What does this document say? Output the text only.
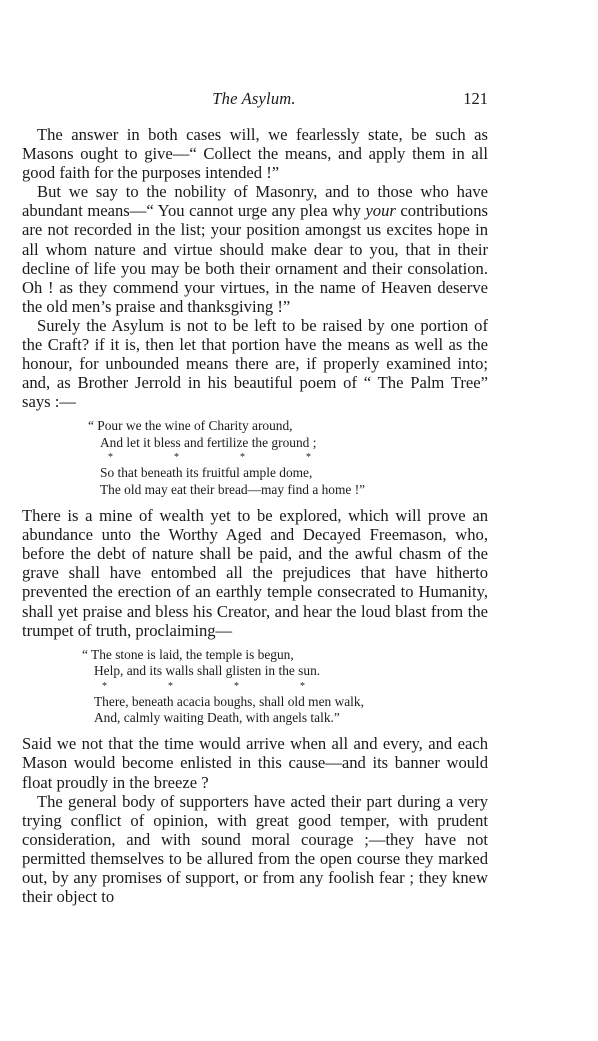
The Asylum.	121

The answer in both cases will, we fearlessly state, be such as Masons ought to give—“ Collect the means, and apply them in all good faith for the purposes intended !”

But we say to the nobility of Masonry, and to those who have abundant means—“ You cannot urge any plea why your contributions are not recorded in the list; your position amongst us excites hope in all whom nature and virtue should make dear to you, that in their decline of life you may be both their ornament and their consolation. Oh ! as they commend your virtues, in the name of Heaven deserve the old men’s praise and thanksgiving !”

Surely the Asylum is not to be left to be raised by one portion of the Craft? if it is, then let that portion have the means as well as the honour, for unbounded means there are, if properly examined into; and, as Brother Jerrold in his beautiful poem of “ The Palm Tree” says :—

“ Pour we the wine of Charity around,
And let it bless and fertilize the ground ;
*	*	*	*
So that beneath its fruitful ample dome,
The old may eat their bread—may find a home !”

There is a mine of wealth yet to be explored, which will prove an abundance unto the Worthy Aged and Decayed Freemason, who, before the debt of nature shall be paid, and the awful chasm of the grave shall have entombed all the prejudices that have hitherto prevented the erection of an earthly temple consecrated to Humanity, shall yet praise and bless his Creator, and hear the loud blast from the trumpet of truth, proclaiming—

“ The stone is laid, the temple is begun,
Help, and its walls shall glisten in the sun.
*	*	*	*
There, beneath acacia boughs, shall old men walk,
And, calmly waiting Death, with angels talk.”

Said we not that the time would arrive when all and every, and each Mason would become enlisted in this cause—and its banner would float proudly in the breeze ?

The general body of supporters have acted their part during a very trying conflict of opinion, with great good temper, with prudent consideration, and with sound moral courage ;—they have not permitted themselves to be allured from the open course they marked out, by any promises of support, or from any foolish fear ; they knew their object to
